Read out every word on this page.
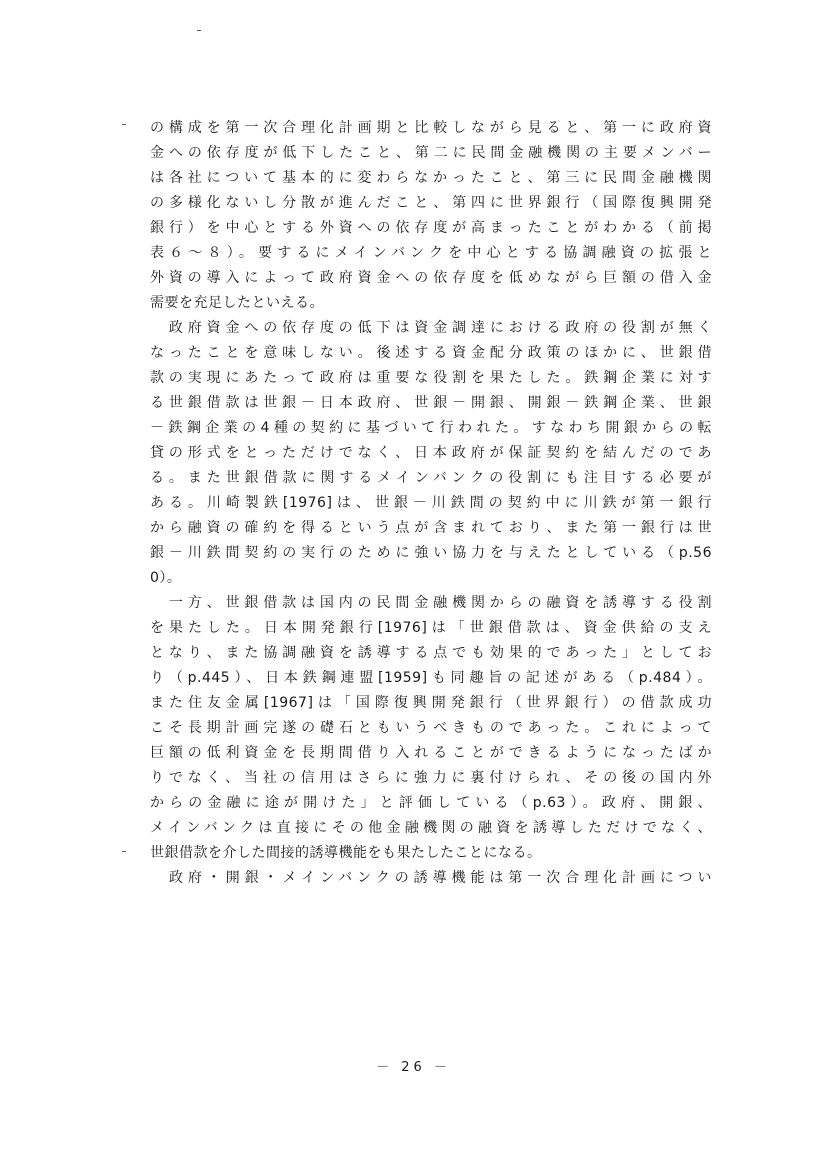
の構成を第一次合理化計画期と比較しながら見ると、第一に政府資
金への依存度が低下したこと、第二に民間金融機関の主要メンバー
は各社について基本的に変わらなかったこと、第三に民間金融機関
の多様化ないし分散が進んだこと、第四に世界銀行（国際復興開発
銀行）を中心とする外資への依存度が高まったことがわかる（前掲
表６～８）。要するにメインバンクを中心とする協調融資の拡張と
外資の導入によって政府資金への依存度を低めながら巨額の借入金
需要を充足したといえる。
　政府資金への依存度の低下は資金調達における政府の役割が無く
なったことを意味しない。後述する資金配分政策のほかに、世銀借
款の実現にあたって政府は重要な役割を果たした。鉄鋼企業に対す
る世銀借款は世銀－日本政府、世銀－開銀、開銀－鉄鋼企業、世銀
－鉄鋼企業の4種の契約に基づいて行われた。すなわち開銀からの転
貸の形式をとっただけでなく、日本政府が保証契約を結んだのであ
る。また世銀借款に関するメインバンクの役割にも注目する必要が
ある。川崎製鉄[1976]は、世銀－川鉄間の契約中に川鉄が第一銀行
から融資の確約を得るという点が含まれており、また第一銀行は世
銀－川鉄間契約の実行のために強い協力を与えたとしている（p.56
0）。
　一方、世銀借款は国内の民間金融機関からの融資を誘導する役割
を果たした。日本開発銀行[1976]は「世銀借款は、資金供給の支え
となり、また協調融資を誘導する点でも効果的であった」としてお
り（p.445）、日本鉄鋼連盟[1959]も同趣旨の記述がある（p.484）。
また住友金属[1967]は「国際復興開発銀行（世界銀行）の借款成功
こそ長期計画完遂の礎石ともいうべきものであった。これによって
巨額の低利資金を長期間借り入れることができるようになったばか
りでなく、当社の信用はさらに強力に裏付けられ、その後の国内外
からの金融に途が開けた」と評価している（p.63）。政府、開銀、
メインバンクは直接にその他金融機関の融資を誘導しただけでなく、
世銀借款を介した間接的誘導機能をも果たしたことになる。
　政府・開銀・メインバンクの誘導機能は第一次合理化計画につい
－ 26 －
